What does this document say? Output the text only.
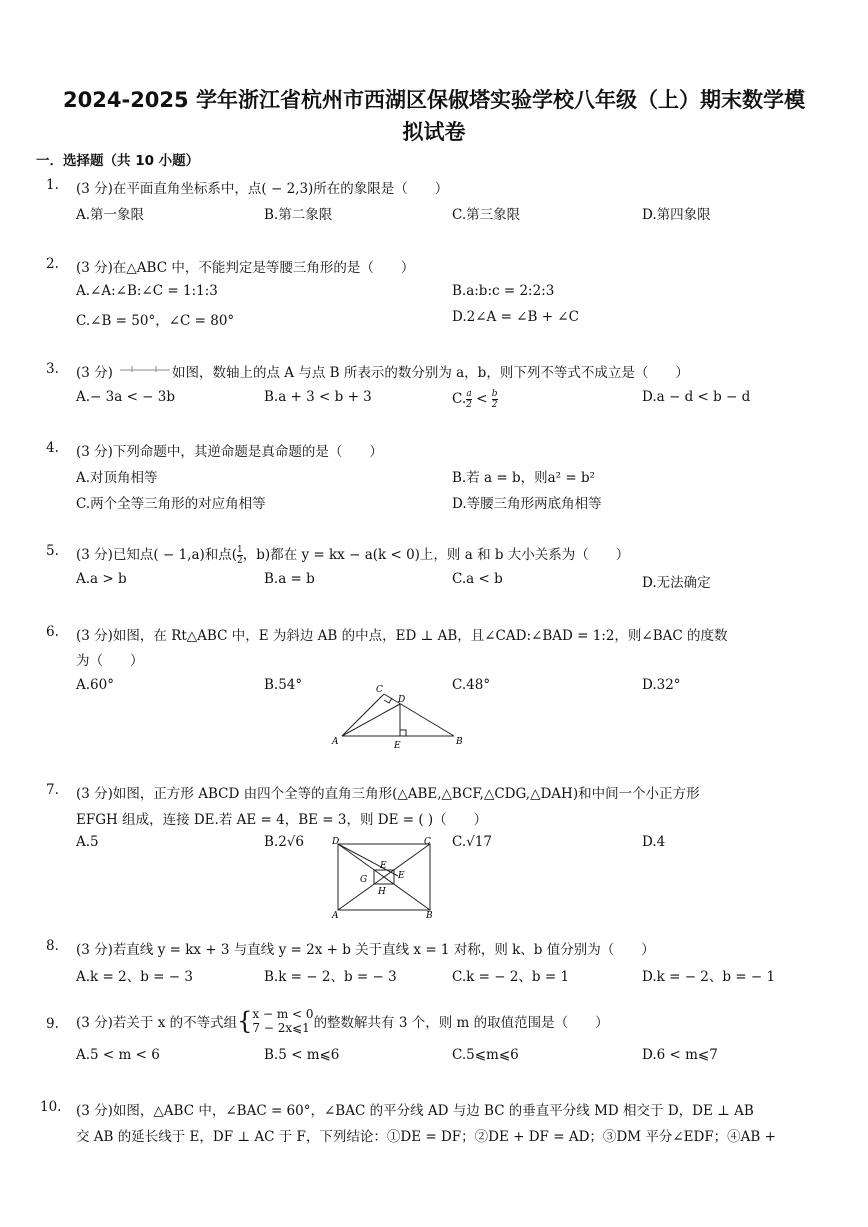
2024-2025 学年浙江省杭州市西湖区保俶塔实验学校八年级（上）期末数学模
拟试卷
一．选择题（共 10 小题）
1. (3 分)在平面直角坐标系中，点( − 2,3)所在的象限是（　　）
A.第一象限	B.第二象限	C.第三象限	D.第四象限
2. (3 分)在△ABC 中，不能判定是等腰三角形的是（　　）
A.∠A:∠B:∠C = 1:1:3	B.a:b:c = 2:2:3
C.∠B = 50°，∠C = 80°	D.2∠A = ∠B + ∠C
3. (3 分)	如图，数轴上的点 A 与点 B 所表示的数分别为 a，b，则下列不等式不成立是（　　）
A.− 3a < − 3b	B.a + 3 < b + 3	C. $\frac{a}{2} < \frac{b}{2}$	D.a − d < b − d
4. (3 分)下列命题中，其逆命题是真命题的是（　　）
A.对顶角相等	B.若 a = b，则a² = b²
C.两个全等三角形的对应角相等	D.等腰三角形两底角相等
5. (3 分)已知点( − 1,a)和点( $\frac{1}{2}$ ，b)都在 y = kx − a(k < 0)上，则 a 和 b 大小关系为（　　）
A.a > b	B.a = b	C.a < b	D.无法确定
6. (3 分)如图，在 Rt△ABC 中，E 为斜边 AB 的中点，ED ⊥ AB，且∠CAD:∠BAD = 1:2，则∠BAC 的度数
为（　　）
A.60°	B.54°	C.48°	D.32°
A	B
C
D
E
7. (3 分)如图，正方形 ABCD 由四个全等的直角三角形(△ABE,△BCF,△CDG,△DAH)和中间一个小正方形
EFGH 组成，连接 DE.若 AE = 4，BE = 3，则 DE = ( )（　　）
A.5	B.2√6	C.√17	D.4
D	C
A	B
E
E
G
H
8. (3 分)若直线 y = kx + 3 与直线 y = 2x + b 关于直线 x = 1 对称，则 k、b 值分别为（　　）
A.k = 2、b = − 3	B.k = − 2、b = − 3	C.k = − 2、b = 1	D.k = − 2、b = − 1
9. (3 分)若关于 x 的不等式组{ x − m < 0
7 − 2x⩽1 的整数解共有 3 个，则 m 的取值范围是（　　）
A.5 < m < 6	B.5 < m⩽6	C.5⩽m⩽6	D.6 < m⩽7
10. (3 分)如图，△ABC 中，∠BAC = 60°，∠BAC 的平分线 AD 与边 BC 的垂直平分线 MD 相交于 D，DE ⊥ AB
交 AB 的延长线于 E，DF ⊥ AC 于 F，下列结论：①DE = DF；②DE + DF = AD；③DM 平分∠EDF；④AB +
